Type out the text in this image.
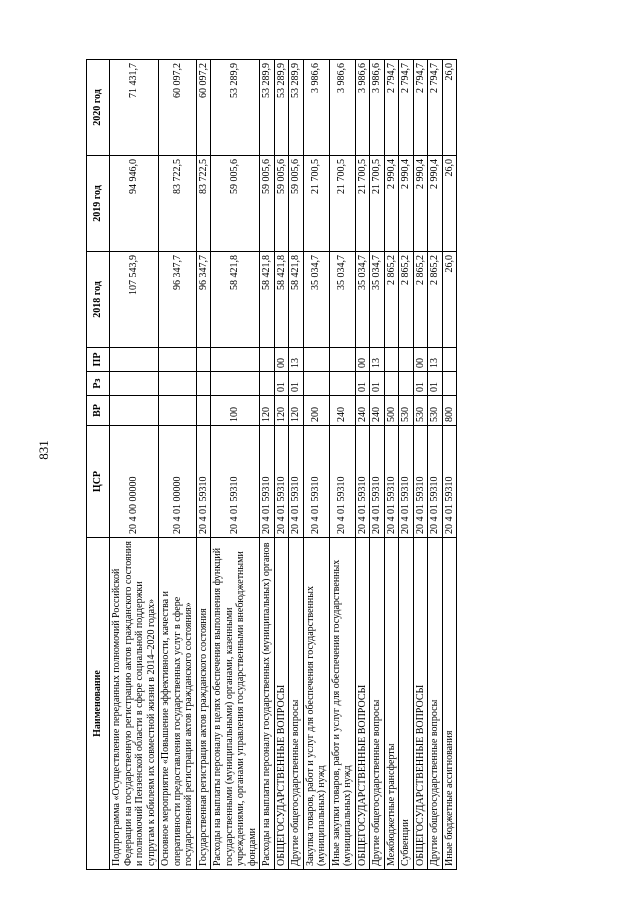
831
Наименование	ЦСР	ВР	Рз	ПР	2018 год	2019 год	2020 год
Подпрограмма «Осуществление переданных полномочий Российской Федерации на государственную регистрацию актов гражданского состояния и полномочий Пензенской области в сфере социальной поддержки супругам к юбилеям их совместной жизни в 2014–2020 годах»	20 4 00 00000				107 543,9	94 946,0	71 431,7
Основное мероприятие «Повышение эффективности, качества и оперативности предоставления государственных услуг в сфере государственной регистрации актов гражданского состояния»	20 4 01 00000				96 347,7	83 722,5	60 097,2
Государственная регистрация актов гражданского состояния	20 4 01 59310				96 347,7	83 722,5	60 097,2
Расходы на выплаты персоналу в целях обеспечения выполнения функций государственными (муниципальными) органами, казенными учреждениями, органами управления государственными внебюджетными фондами	20 4 01 59310	100			58 421,8	59 005,6	53 289,9
Расходы на выплаты персоналу государственных (муниципальных) органов	20 4 01 59310	120			58 421,8	59 005,6	53 289,9
ОБЩЕГОСУДАРСТВЕННЫЕ ВОПРОСЫ	20 4 01 59310	120	01	00	58 421,8	59 005,6	53 289,9
Другие общегосударственные вопросы	20 4 01 59310	120	01	13	58 421,8	59 005,6	53 289,9
Закупка товаров, работ и услуг для обеспечения государственных (муниципальных) нужд	20 4 01 59310	200			35 034,7	21 700,5	3 986,6
Иные закупки товаров, работ и услуг для обеспечения государственных (муниципальных) нужд	20 4 01 59310	240			35 034,7	21 700,5	3 986,6
ОБЩЕГОСУДАРСТВЕННЫЕ ВОПРОСЫ	20 4 01 59310	240	01	00	35 034,7	21 700,5	3 986,6
Другие общегосударственные вопросы	20 4 01 59310	240	01	13	35 034,7	21 700,5	3 986,6
Межбюджетные трансферты	20 4 01 59310	500			2 865,2	2 990,4	2 794,7
Субвенции	20 4 01 59310	530			2 865,2	2 990,4	2 794,7
ОБЩЕГОСУДАРСТВЕННЫЕ ВОПРОСЫ	20 4 01 59310	530	01	00	2 865,2	2 990,4	2 794,7
Другие общегосударственные вопросы	20 4 01 59310	530	01	13	2 865,2	2 990,4	2 794,7
Иные бюджетные ассигнования	20 4 01 59310	800			26,0	26,0	26,0
